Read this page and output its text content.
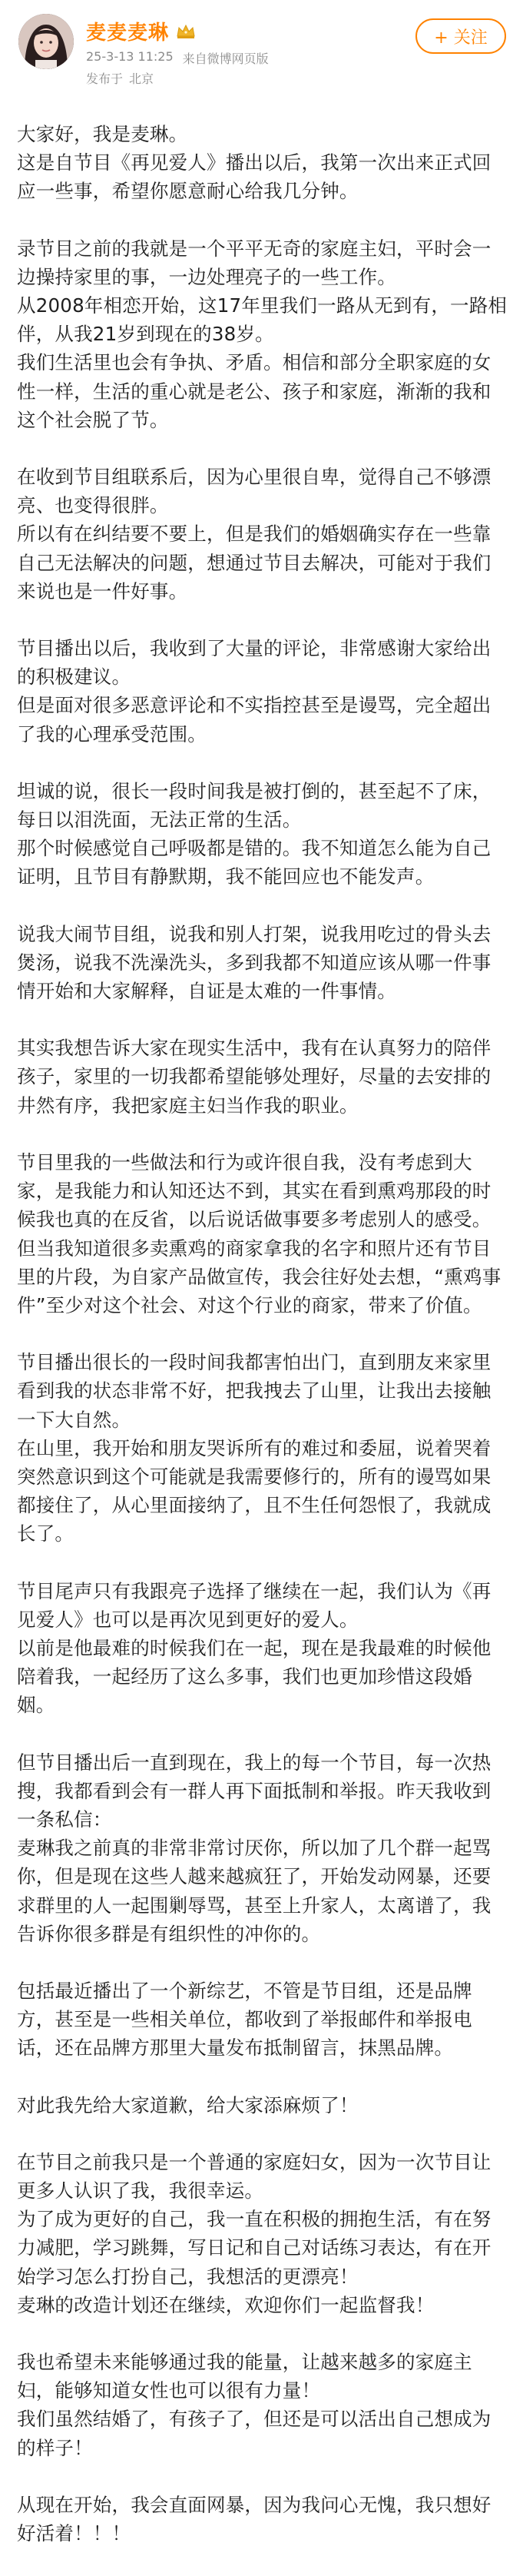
麦麦麦琳
25-3-13 11:25 来自微博网页版
发布于 北京
+ 关注

大家好，我是麦琳。
这是自节目《再见爱人》播出以后，我第一次出来正式回应一些事，希望你愿意耐心给我几分钟。

录节目之前的我就是一个平平无奇的家庭主妇，平时会一边操持家里的事，一边处理亮子的一些工作。
从2008年相恋开始，这17年里我们一路从无到有，一路相伴，从我21岁到现在的38岁。
我们生活里也会有争执、矛盾。相信和部分全职家庭的女性一样，生活的重心就是老公、孩子和家庭，渐渐的我和这个社会脱了节。

在收到节目组联系后，因为心里很自卑，觉得自己不够漂亮、也变得很胖。
所以有在纠结要不要上，但是我们的婚姻确实存在一些靠自己无法解决的问题，想通过节目去解决，可能对于我们来说也是一件好事。

节目播出以后，我收到了大量的评论，非常感谢大家给出的积极建议。
但是面对很多恶意评论和不实指控甚至是谩骂，完全超出了我的心理承受范围。

坦诚的说，很长一段时间我是被打倒的，甚至起不了床，每日以泪洗面，无法正常的生活。
那个时候感觉自己呼吸都是错的。我不知道怎么能为自己证明，且节目有静默期，我不能回应也不能发声。

说我大闹节目组，说我和别人打架，说我用吃过的骨头去煲汤，说我不洗澡洗头，多到我都不知道应该从哪一件事情开始和大家解释，自证是太难的一件事情。

其实我想告诉大家在现实生活中，我有在认真努力的陪伴孩子，家里的一切我都希望能够处理好，尽量的去安排的井然有序，我把家庭主妇当作我的职业。

节目里我的一些做法和行为或许很自我，没有考虑到大家，是我能力和认知还达不到，其实在看到熏鸡那段的时候我也真的在反省，以后说话做事要多考虑别人的感受。
但当我知道很多卖熏鸡的商家拿我的名字和照片还有节目里的片段，为自家产品做宣传，我会往好处去想，“熏鸡事件”至少对这个社会、对这个行业的商家，带来了价值。

节目播出很长的一段时间我都害怕出门，直到朋友来家里看到我的状态非常不好，把我拽去了山里，让我出去接触一下大自然。
在山里，我开始和朋友哭诉所有的难过和委屈，说着哭着突然意识到这个可能就是我需要修行的，所有的谩骂如果都接住了，从心里面接纳了，且不生任何怨恨了，我就成长了。

节目尾声只有我跟亮子选择了继续在一起，我们认为《再见爱人》也可以是再次见到更好的爱人。
以前是他最难的时候我们在一起，现在是我最难的时候他陪着我，一起经历了这么多事，我们也更加珍惜这段婚姻。

但节目播出后一直到现在，我上的每一个节目，每一次热搜，我都看到会有一群人再下面抵制和举报。昨天我收到一条私信：
麦琳我之前真的非常非常讨厌你，所以加了几个群一起骂你，但是现在这些人越来越疯狂了，开始发动网暴，还要求群里的人一起围剿辱骂，甚至上升家人，太离谱了，我告诉你很多群是有组织性的冲你的。

包括最近播出了一个新综艺，不管是节目组，还是品牌方，甚至是一些相关单位，都收到了举报邮件和举报电话，还在品牌方那里大量发布抵制留言，抹黑品牌。

对此我先给大家道歉，给大家添麻烦了！

在节目之前我只是一个普通的家庭妇女，因为一次节目让更多人认识了我，我很幸运。
为了成为更好的自己，我一直在积极的拥抱生活，有在努力减肥，学习跳舞，写日记和自己对话练习表达，有在开始学习怎么打扮自己，我想活的更漂亮！
麦琳的改造计划还在继续，欢迎你们一起监督我！

我也希望未来能够通过我的能量，让越来越多的家庭主妇，能够知道女性也可以很有力量！
我们虽然结婚了，有孩子了，但还是可以活出自己想成为的样子！

从现在开始，我会直面网暴，因为我问心无愧，我只想好好活着！！！
